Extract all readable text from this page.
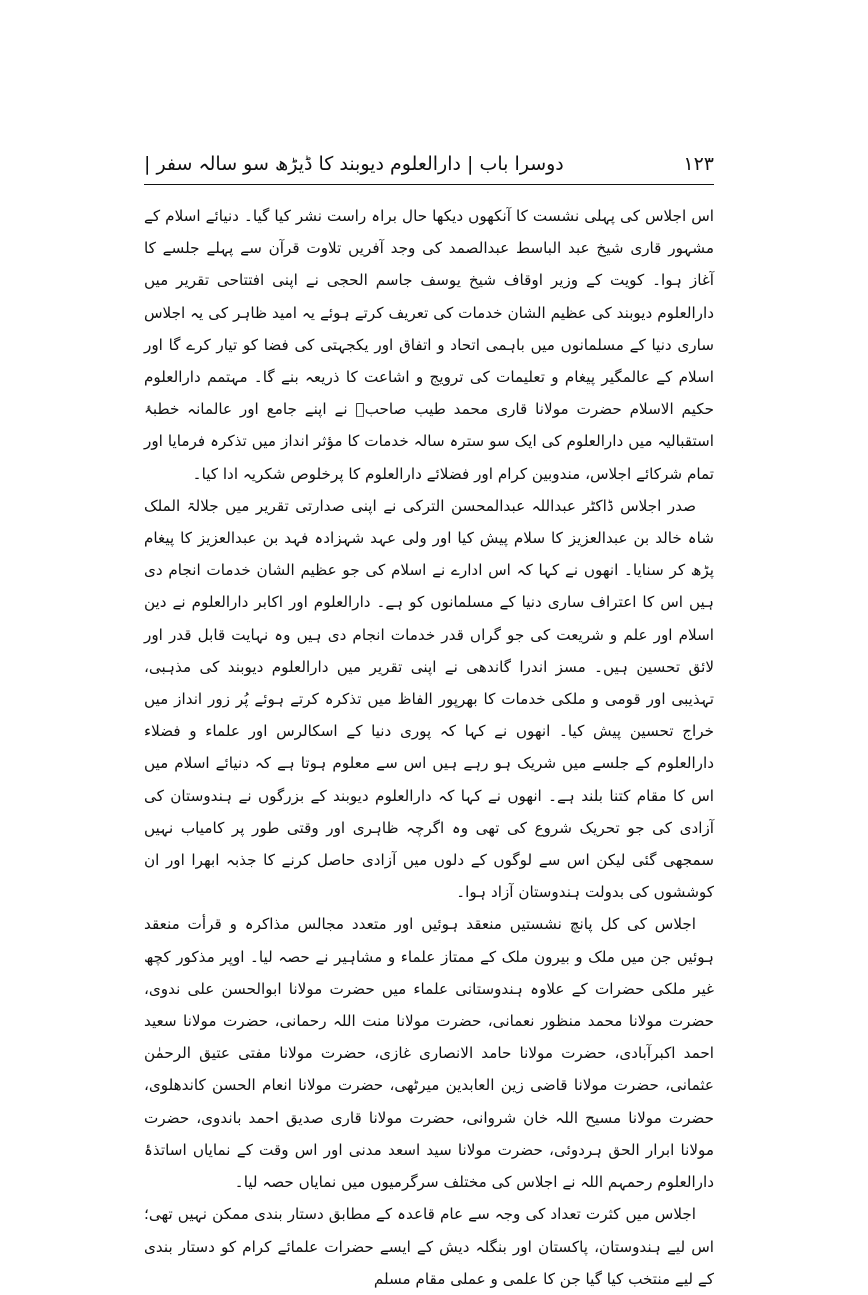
دوسرا باب | دارالعلوم دیوبند کا ڈیڑھ سو سالہ سفر |	۱۲۳

اس اجلاس کی پہلی نشست کا آنکھوں دیکھا حال براہ راست نشر کیا گیا۔ دنیائے اسلام کے مشہور قاری شیخ عبد الباسط عبدالصمد کی وجد آفریں تلاوت قرآن سے پہلے جلسے کا آغاز ہوا۔ کویت کے وزیر اوقاف شیخ یوسف جاسم الحجی نے اپنی افتتاحی تقریر میں دارالعلوم دیوبند کی عظیم الشان خدمات کی تعریف کرتے ہوئے یہ امید ظاہر کی یہ اجلاس ساری دنیا کے مسلمانوں میں باہمی اتحاد و اتفاق اور یکجہتی کی فضا کو تیار کرے گا اور اسلام کے عالمگیر پیغام و تعلیمات کی ترویج و اشاعت کا ذریعہ بنے گا۔ مہتمم دارالعلوم حکیم الاسلام حضرت مولانا قاری محمد طیب صاحبؒ نے اپنے جامع اور عالمانہ خطبۂ استقبالیہ میں دارالعلوم کی ایک سو سترہ سالہ خدمات کا مؤثر انداز میں تذکرہ فرمایا اور تمام شرکائے اجلاس، مندوبین کرام اور فضلائے دارالعلوم کا پرخلوص شکریہ ادا کیا۔

صدر اجلاس ڈاکٹر عبداللہ عبدالمحسن الترکی نے اپنی صدارتی تقریر میں جلالۃ الملک شاہ خالد بن عبدالعزیز کا سلام پیش کیا اور ولی عہد شہزادہ فہد بن عبدالعزیز کا پیغام پڑھ کر سنایا۔ انھوں نے کہا کہ اس ادارے نے اسلام کی جو عظیم الشان خدمات انجام دی ہیں اس کا اعتراف ساری دنیا کے مسلمانوں کو ہے۔ دارالعلوم اور اکابر دارالعلوم نے دین اسلام اور علم و شریعت کی جو گراں قدر خدمات انجام دی ہیں وہ نہایت قابل قدر اور لائق تحسین ہیں۔ مسز اندرا گاندھی نے اپنی تقریر میں دارالعلوم دیوبند کی مذہبی، تہذیبی اور قومی و ملکی خدمات کا بھرپور الفاظ میں تذکرہ کرتے ہوئے پُر زور انداز میں خراج تحسین پیش کیا۔ انھوں نے کہا کہ پوری دنیا کے اسکالرس اور علماء و فضلاء دارالعلوم کے جلسے میں شریک ہو رہے ہیں اس سے معلوم ہوتا ہے کہ دنیائے اسلام میں اس کا مقام کتنا بلند ہے۔ انھوں نے کہا کہ دارالعلوم دیوبند کے بزرگوں نے ہندوستان کی آزادی کی جو تحریک شروع کی تھی وہ اگرچہ ظاہری اور وقتی طور پر کامیاب نہیں سمجھی گئی لیکن اس سے لوگوں کے دلوں میں آزادی حاصل کرنے کا جذبہ ابھرا اور ان کوششوں کی بدولت ہندوستان آزاد ہوا۔

اجلاس کی کل پانچ نشستیں منعقد ہوئیں اور متعدد مجالس مذاکرہ و قرأت منعقد ہوئیں جن میں ملک و بیرون ملک کے ممتاز علماء و مشاہیر نے حصہ لیا۔ اوپر مذکور کچھ غیر ملکی حضرات کے علاوہ ہندوستانی علماء میں حضرت مولانا ابوالحسن علی ندوی، حضرت مولانا محمد منظور نعمانی، حضرت مولانا منت اللہ رحمانی، حضرت مولانا سعید احمد اکبرآبادی، حضرت مولانا حامد الانصاری غازی، حضرت مولانا مفتی عتیق الرحمٰن عثمانی، حضرت مولانا قاضی زین العابدین میرٹھی، حضرت مولانا انعام الحسن کاندھلوی، حضرت مولانا مسیح اللہ خان شروانی، حضرت مولانا قاری صدیق احمد باندوی، حضرت مولانا ابرار الحق ہردوئی، حضرت مولانا سید اسعد مدنی اور اس وقت کے نمایاں اساتذۂ دارالعلوم رحمہم اللہ نے اجلاس کی مختلف سرگرمیوں میں نمایاں حصہ لیا۔

اجلاس میں کثرت تعداد کی وجہ سے عام قاعدہ کے مطابق دستار بندی ممکن نہیں تھی؛ اس لیے ہندوستان، پاکستان اور بنگلہ دیش کے ایسے حضرات علمائے کرام کو دستار بندی کے لیے منتخب کیا گیا جن کا علمی و عملی مقام مسلم
